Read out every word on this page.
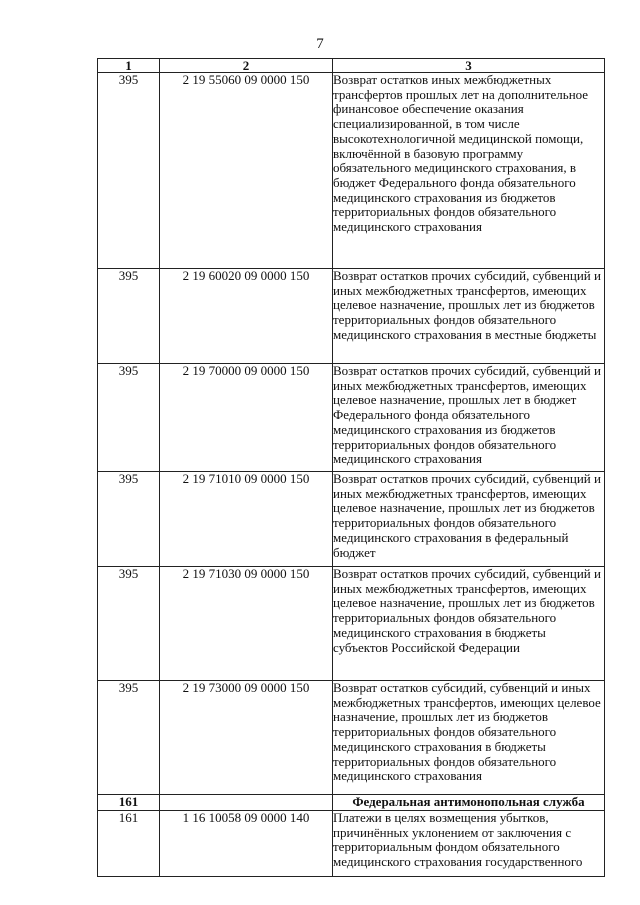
7
1	2	3
395	2 19 55060 09 0000 150	Возврат остатков иных межбюджетных трансфертов прошлых лет на дополнительное финансовое обеспечение оказания специализированной, в том числе высокотехнологичной медицинской помощи, включённой в базовую программу обязательного медицинского страхования, в бюджет Федерального фонда обязательного медицинского страхования из бюджетов территориальных фондов обязательного медицинского страхования
395	2 19 60020 09 0000 150	Возврат остатков прочих субсидий, субвенций и иных межбюджетных трансфертов, имеющих целевое назначение, прошлых лет из бюджетов территориальных фондов обязательного медицинского страхования в местные бюджеты
395	2 19 70000 09 0000 150	Возврат остатков прочих субсидий, субвенций и иных межбюджетных трансфертов, имеющих целевое назначение, прошлых лет в бюджет Федерального фонда обязательного медицинского страхования из бюджетов территориальных фондов обязательного медицинского страхования
395	2 19 71010 09 0000 150	Возврат остатков прочих субсидий, субвенций и иных межбюджетных трансфертов, имеющих целевое назначение, прошлых лет из бюджетов территориальных фондов обязательного медицинского страхования в федеральный бюджет
395	2 19 71030 09 0000 150	Возврат остатков прочих субсидий, субвенций и иных межбюджетных трансфертов, имеющих целевое назначение, прошлых лет из бюджетов территориальных фондов обязательного медицинского страхования в бюджеты субъектов Российской Федерации
395	2 19 73000 09 0000 150	Возврат остатков субсидий, субвенций и иных межбюджетных трансфертов, имеющих целевое назначение, прошлых лет из бюджетов территориальных фондов обязательного медицинского страхования в бюджеты территориальных фондов обязательного медицинского страхования
161		Федеральная антимонопольная служба
161	1 16 10058 09 0000 140	Платежи в целях возмещения убытков, причинённых уклонением от заключения с территориальным фондом обязательного медицинского страхования государственного
